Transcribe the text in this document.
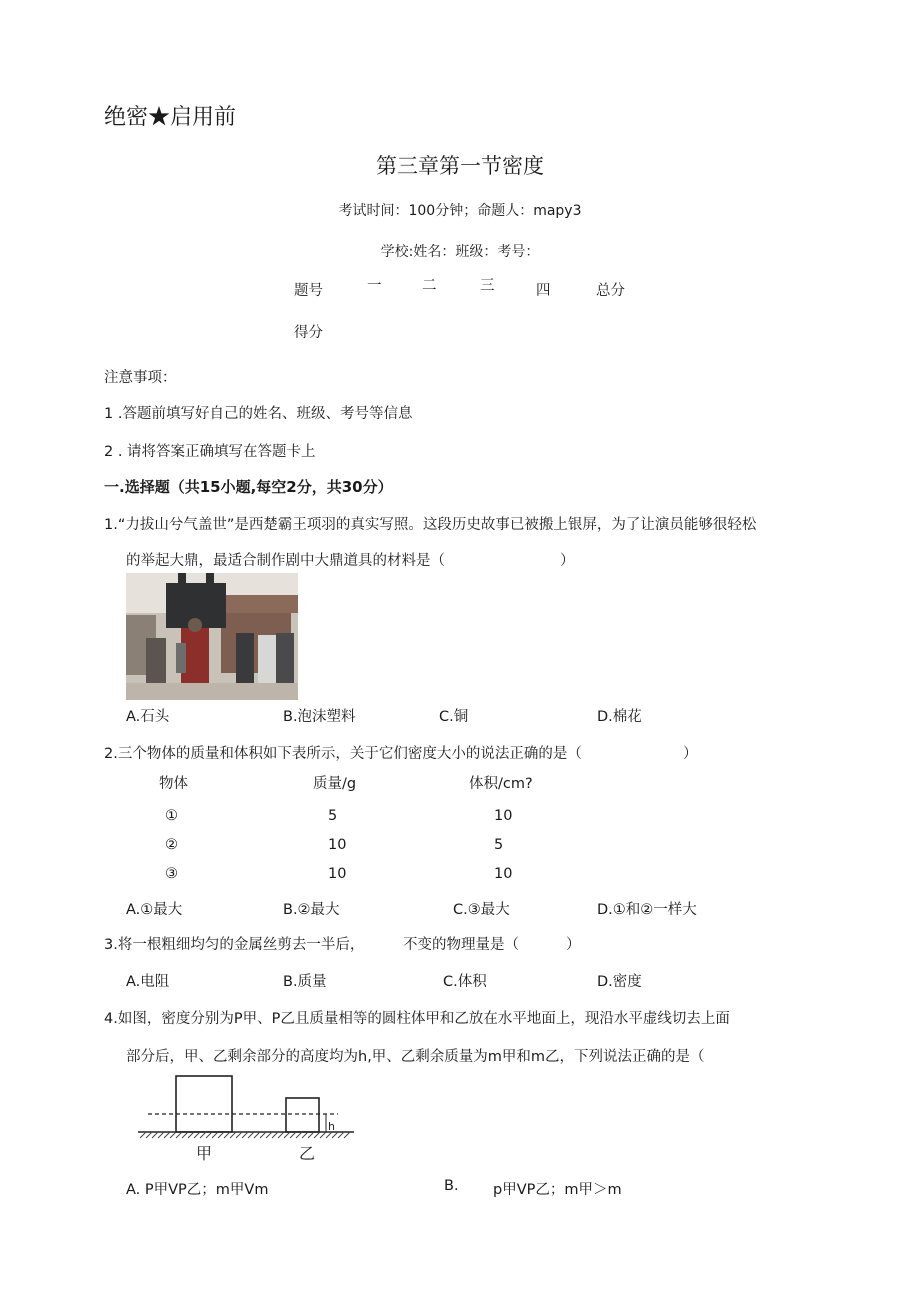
绝密★启用前
第三章第一节密度
考试时间：100分钟；命题人：mapy3
学校:姓名：班级：考号：
题号	一	二	三	四	总分
得分
注意事项：
1 .答题前填写好自己的姓名、班级、考号等信息
2 . 请将答案正确填写在答题卡上
一.选择题（共15小题,每空2分，共30分）
1.“力拔山兮气盖世”是西楚霸王项羽的真实写照。这段历史故事已被搬上银屏，为了让演员能够很轻松
的举起大鼎，最适合制作剧中大鼎道具的材料是（	）
A.石头	B.泡沫塑料	C.铜	D.棉花
2.三个物体的质量和体积如下表所示，关于它们密度大小的说法正确的是（	）
物体	质量/g	体积/cm?
①	5	10
②	10	5
③	10	10
A.①最大	B.②最大	C.③最大	D.①和②一样大
3.将一根粗细均匀的金属丝剪去一半后，	不变的物理量是（	）
A.电阻	B.质量	C.体积	D.密度
4.如图，密度分别为P甲、P乙且质量相等的圆柱体甲和乙放在水平地面上，现沿水平虚线切去上面
部分后，甲、乙剩余部分的高度均为h,甲、乙剩余质量为m甲和m乙，下列说法正确的是（
h
甲	乙
A. P甲VP乙；m甲Vm	B. p甲VP乙；m甲＞m
